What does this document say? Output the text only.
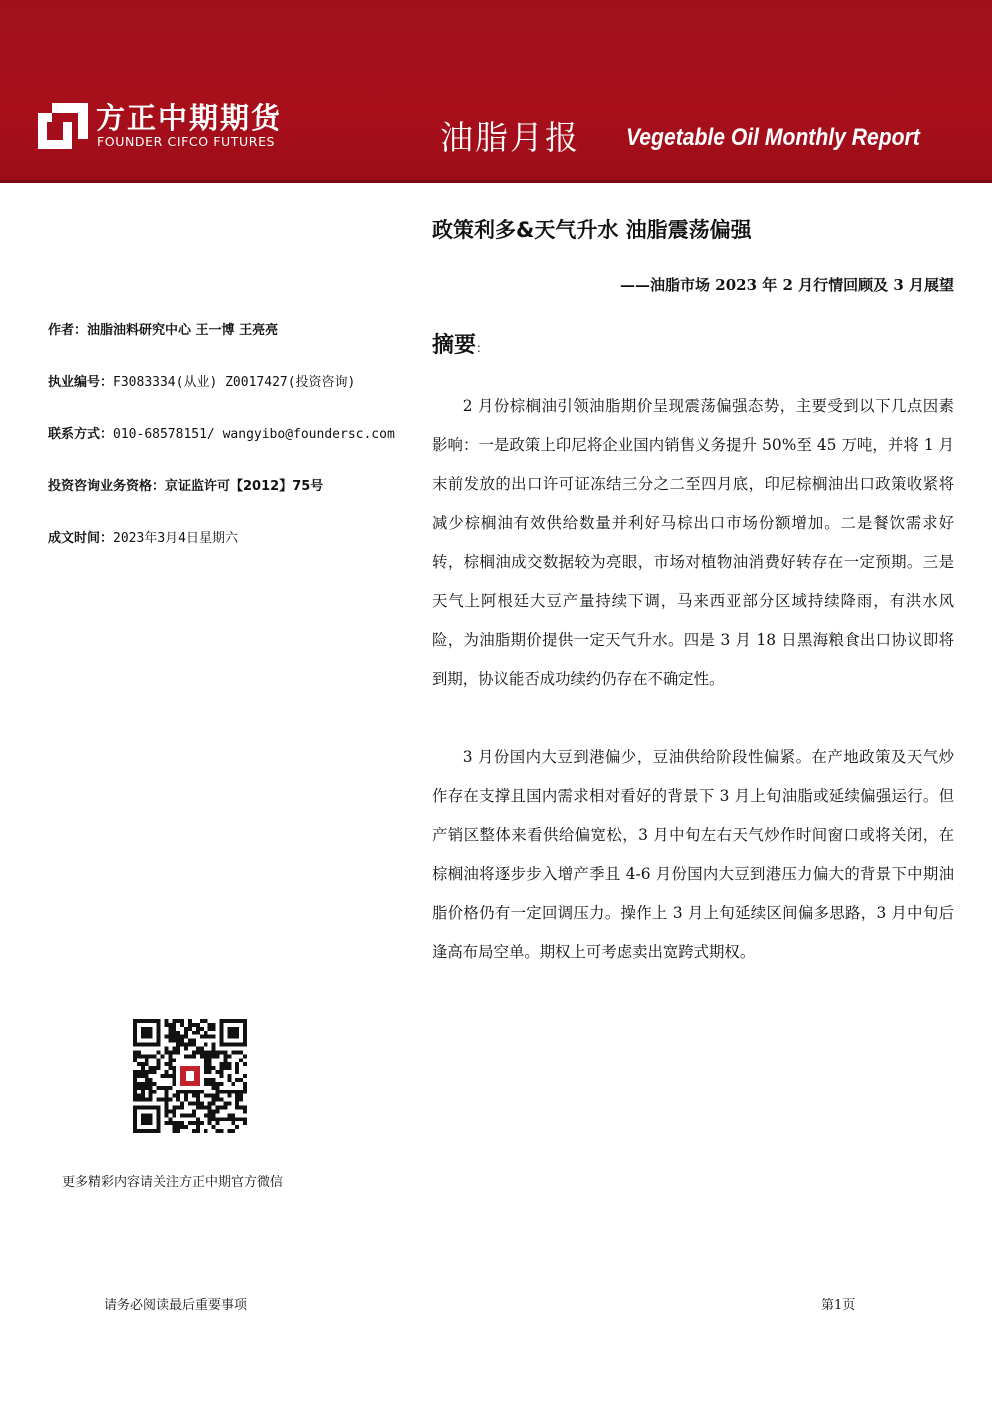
方正中期期货
FOUNDER CIFCO FUTURES	油脂月报 Vegetable Oil Monthly Report
政策利多&天气升水 油脂震荡偏强
——油脂市场 2023 年 2 月行情回顾及 3 月展望
作者：油脂油料研究中心 王一博 王亮亮
执业编号：F3083334(从业) Z0017427(投资咨询)
联系方式：010-68578151/ wangyibo@foundersc.com
投资咨询业务资格：京证监许可【2012】75号
成文时间：2023年3月4日星期六
摘要：

2 月份棕榈油引领油脂期价呈现震荡偏强态势，主要受到以下几点因素影响：一是政策上印尼将企业国内销售义务提升 50%至 45 万吨，并将 1 月末前发放的出口许可证冻结三分之二至四月底，印尼棕榈油出口政策收紧将减少棕榈油有效供给数量并利好马棕出口市场份额增加。二是餐饮需求好转，棕榈油成交数据较为亮眼，市场对植物油消费好转存在一定预期。三是天气上阿根廷大豆产量持续下调，马来西亚部分区域持续降雨，有洪水风险，为油脂期价提供一定天气升水。四是 3 月 18 日黑海粮食出口协议即将到期，协议能否成功续约仍存在不确定性。

3 月份国内大豆到港偏少，豆油供给阶段性偏紧。在产地政策及天气炒作存在支撑且国内需求相对看好的背景下 3 月上旬油脂或延续偏强运行。但产销区整体来看供给偏宽松，3 月中旬左右天气炒作时间窗口或将关闭，在棕榈油将逐步步入增产季且 4-6 月份国内大豆到港压力偏大的背景下中期油脂价格仍有一定回调压力。操作上 3 月上旬延续区间偏多思路，3 月中旬后逢高布局空单。期权上可考虑卖出宽跨式期权。

更多精彩内容请关注方正中期官方微信
请务必阅读最后重要事项	第1页
